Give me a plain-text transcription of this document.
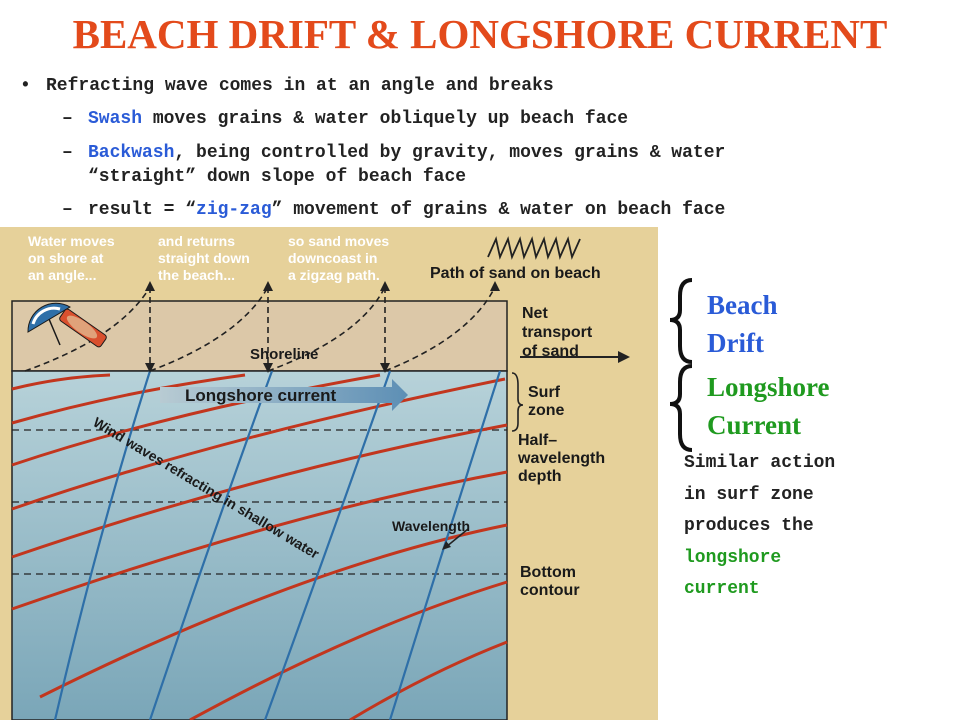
BEACH DRIFT & LONGSHORE CURRENT
• Refracting wave comes in at an angle and breaks
– Swash moves grains & water obliquely up beach face
– Backwash, being controlled by gravity, moves grains & water
“straight” down slope of beach face
– result = “zig-zag” movement of grains & water on beach face
Water moves
on shore at
an angle...
and returns
straight down
the beach...
so sand moves
downcoast in
a zigzag path.	Path of sand on beach
Net
transport
of sand
Surf
zone
Half–
wavelength
depth
Bottom
contour
Shoreline
Longshore current
Wavelength
Wind waves refracting in shallow water
Beach
Drift
Longshore
Current
Similar action
in surf zone
produces the
longshore
current
